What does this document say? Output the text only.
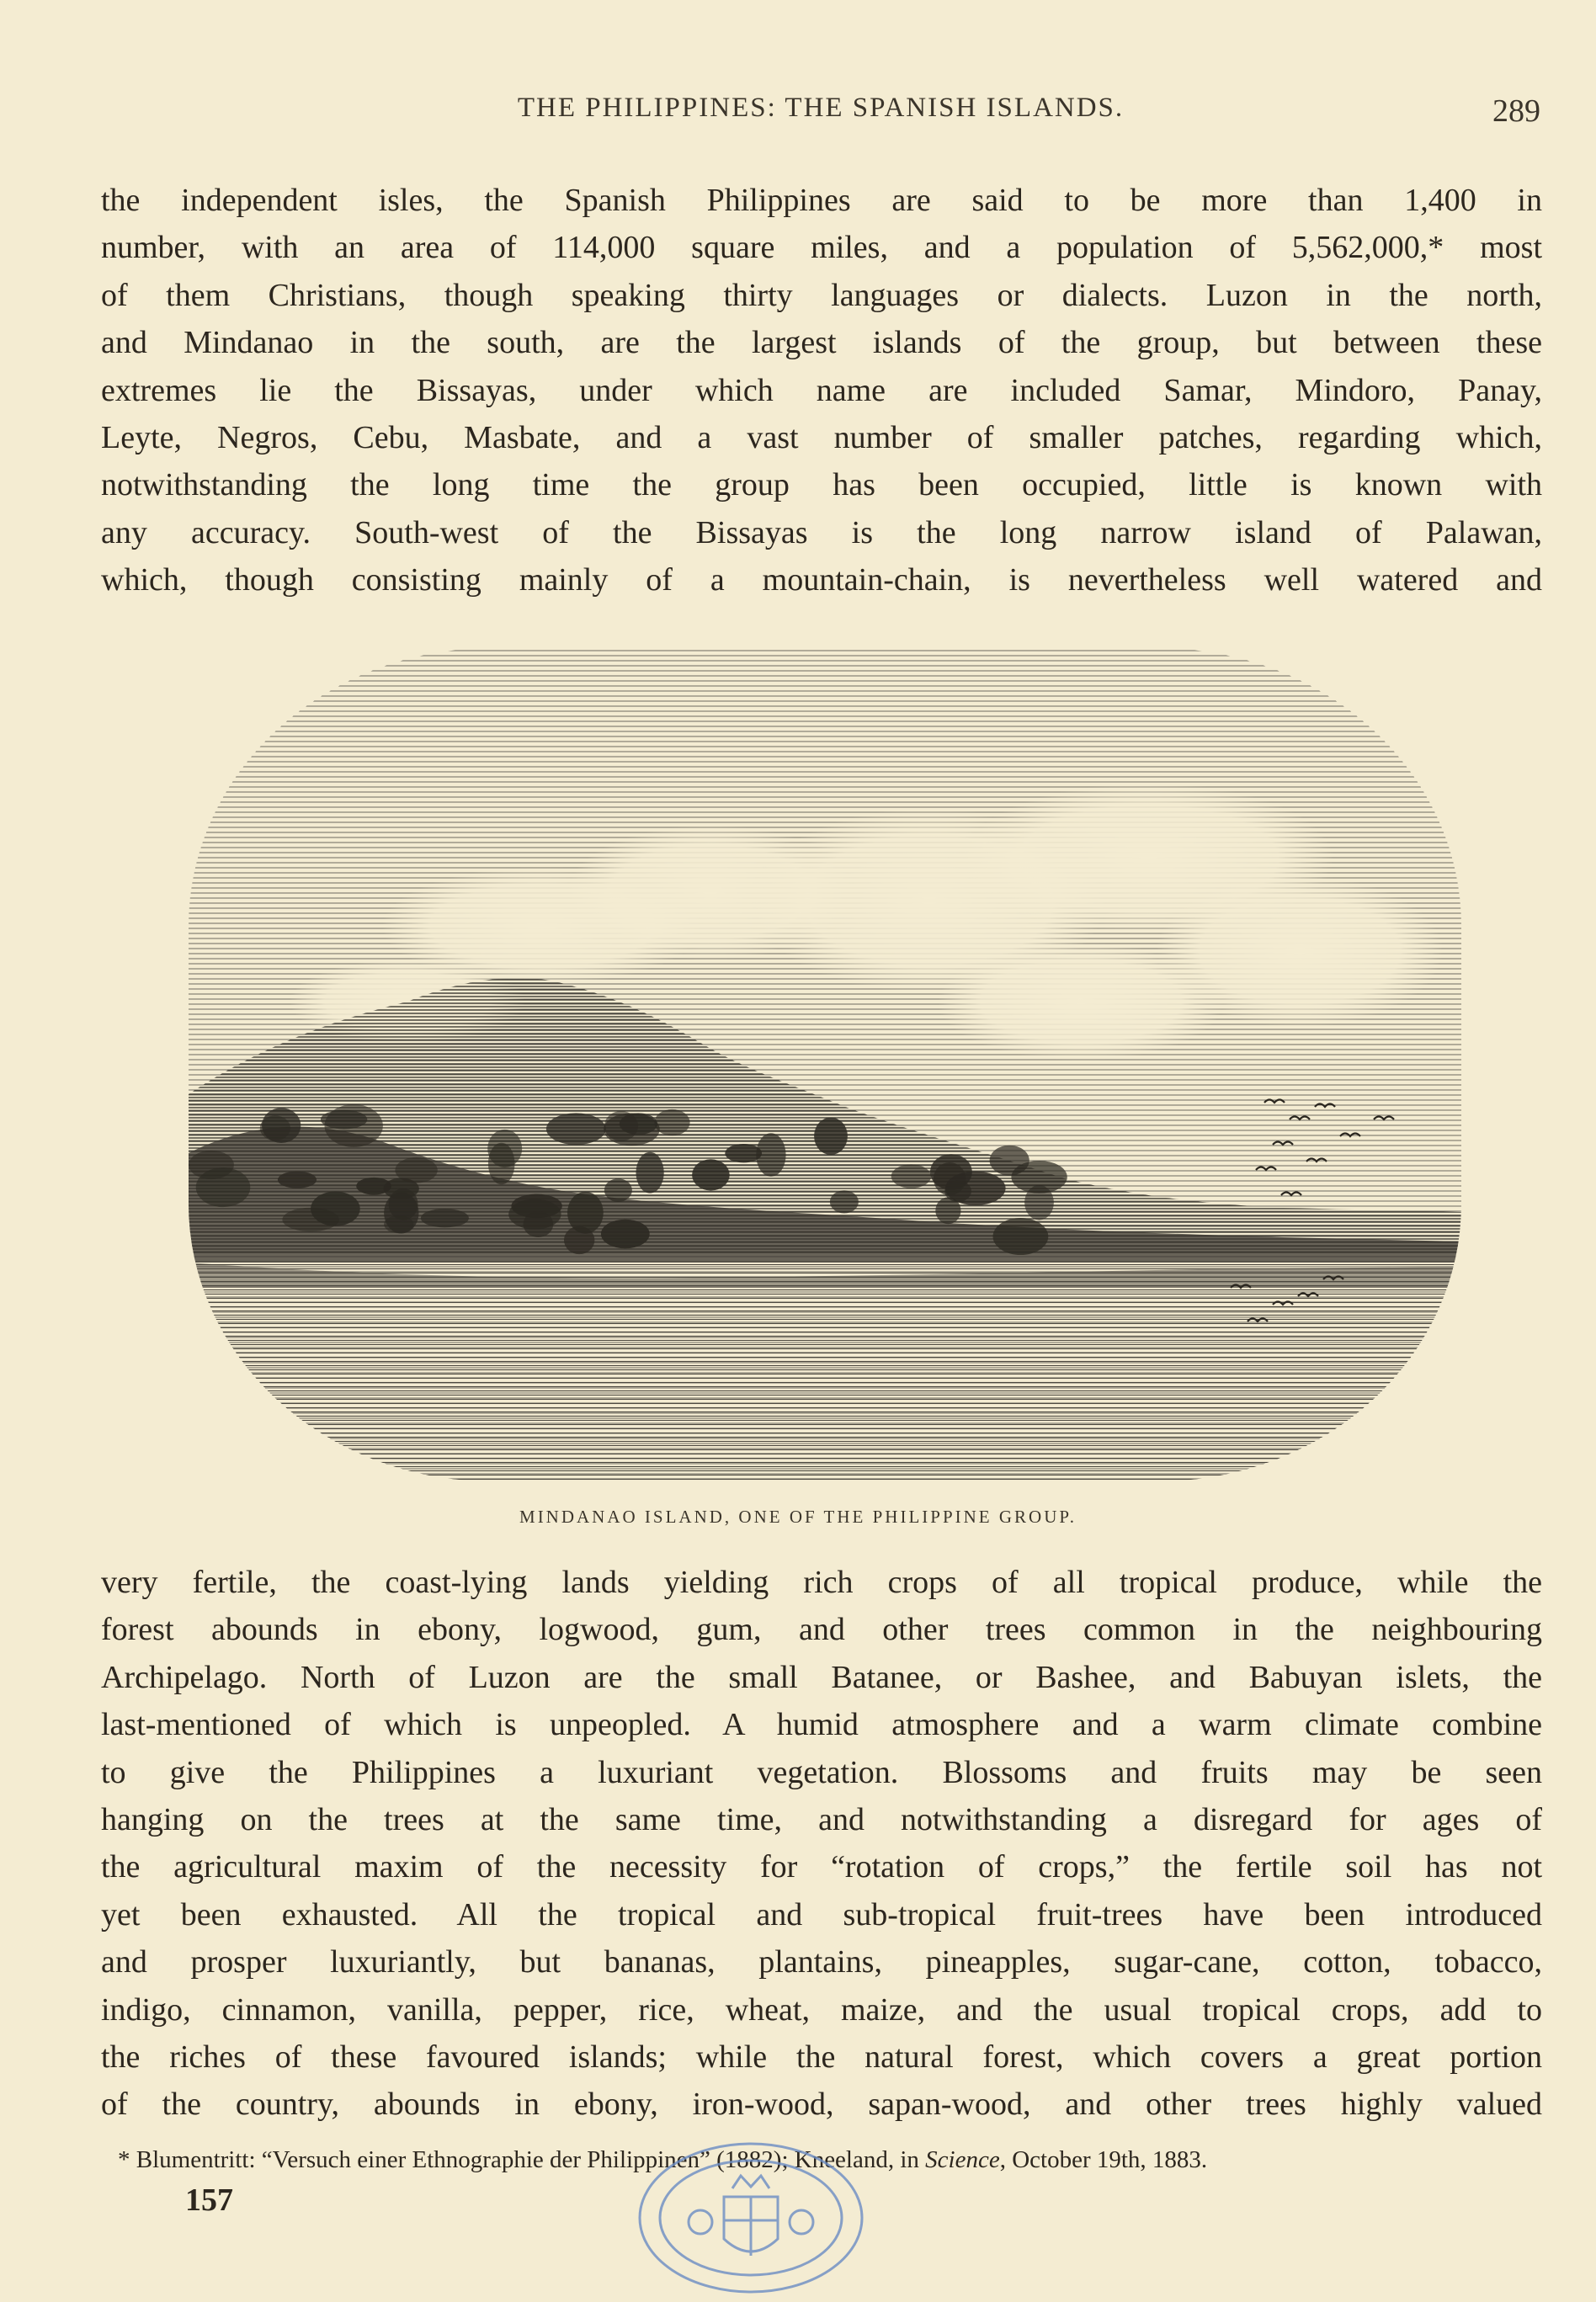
THE PHILIPPINES: THE SPANISH ISLANDS.	289
the independent isles, the Spanish Philippines are said to be more than 1,400 in
number, with an area of 114,000 square miles, and a population of 5,562,000,* most
of them Christians, though speaking thirty languages or dialects. Luzon in the north,
and Mindanao in the south, are the largest islands of the group, but between these
extremes lie the Bissayas, under which name are included Samar, Mindoro, Panay,
Leyte, Negros, Cebu, Masbate, and a vast number of smaller patches, regarding which,
notwithstanding the long time the group has been occupied, little is known with
any accuracy. South-west of the Bissayas is the long narrow island of Palawan,
which, though consisting mainly of a mountain-chain, is nevertheless well watered and
MINDANAO ISLAND, ONE OF THE PHILIPPINE GROUP.
very fertile, the coast-lying lands yielding rich crops of all tropical produce, while the
forest abounds in ebony, logwood, gum, and other trees common in the neighbouring
Archipelago. North of Luzon are the small Batanee, or Bashee, and Babuyan islets, the
last-mentioned of which is unpeopled. A humid atmosphere and a warm climate combine
to give the Philippines a luxuriant vegetation. Blossoms and fruits may be seen
hanging on the trees at the same time, and notwithstanding a disregard for ages of
the agricultural maxim of the necessity for “rotation of crops,” the fertile soil has not
yet been exhausted. All the tropical and sub-tropical fruit-trees have been introduced
and prosper luxuriantly, but bananas, plantains, pineapples, sugar-cane, cotton, tobacco,
indigo, cinnamon, vanilla, pepper, rice, wheat, maize, and the usual tropical crops, add to
the riches of these favoured islands; while the natural forest, which covers a great portion
of the country, abounds in ebony, iron-wood, sapan-wood, and other trees highly valued
* Blumentritt: “Versuch einer Ethnographie der Philippinen” (1882); Kneeland, in Science, October 19th, 1883.
157
